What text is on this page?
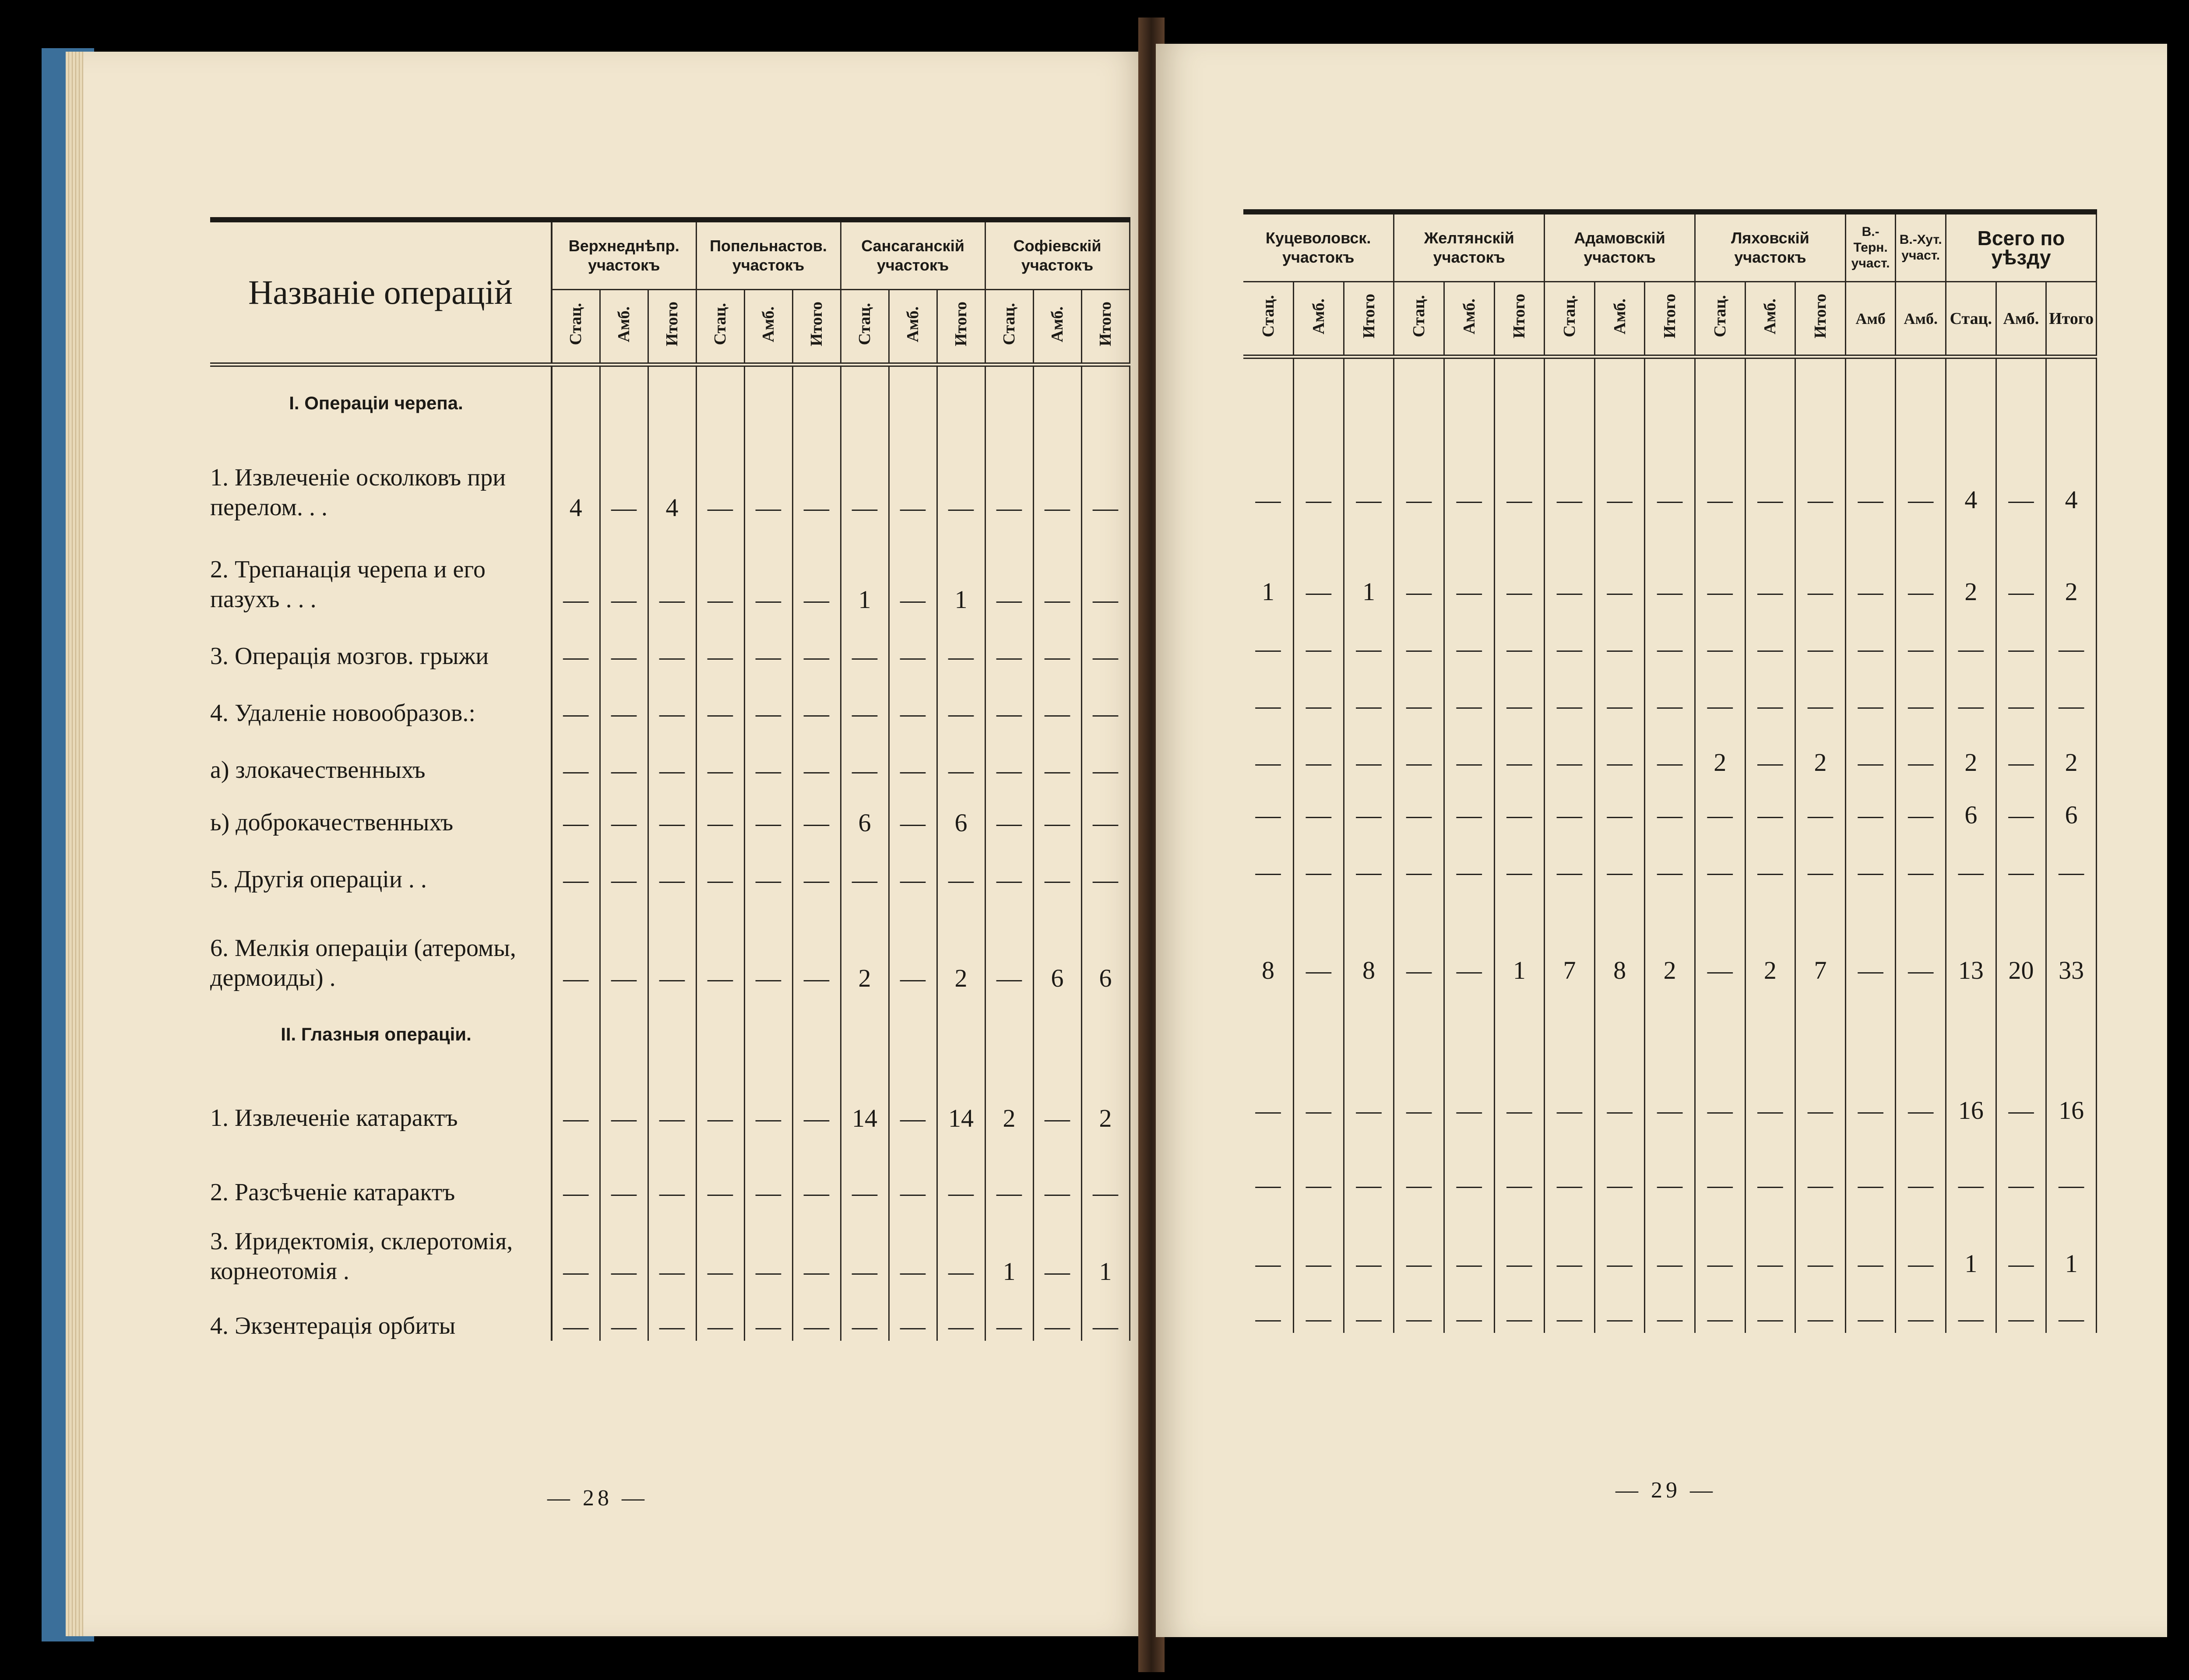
Названіе операцій	Верхнеднѣпр. участокъ			Попельнастов. участокъ			Сансаганскій участокъ			Софіевскій участокъ		
	Стац.	Амб.	Итого	Стац.	Амб.	Итого	Стац.	Амб.	Итого	Стац.	Амб.	Итого
I. Операціи черепа.												
1. Извлеченіе осколковъ при перелом. . .	4	—	4	—	—	—	—	—	—	—	—	—
2. Трепанація черепа и его пазухъ . . .	—	—	—	—	—	—	1	—	1	—	—	—
3. Операція мозгов. грыжи	—	—	—	—	—	—	—	—	—	—	—	—
4. Удаленіе новообразов.:	—	—	—	—	—	—	—	—	—	—	—	—
а) злокачественныхъ	—	—	—	—	—	—	—	—	—	—	—	—
ь) доброкачественныхъ	—	—	—	—	—	—	6	—	6	—	—	—
5. Другія операціи . .	—	—	—	—	—	—	—	—	—	—	—	—
6. Мелкія операціи (атеромы, дермоиды) .	—	—	—	—	—	—	2	—	2	—	6	6
II. Глазныя операціи.												
1. Извлеченіе катарактъ	—	—	—	—	—	—	14	—	14	2	—	2
2. Разсѣченіе катарактъ	—	—	—	—	—	—	—	—	—	—	—	—
3. Иридектомія, склеротомія, корнеотомія .	—	—	—	—	—	—	—	—	—	1	—	1
4. Экзентерація орбиты	—	—	—	—	—	—	—	—	—	—	—	—
— 28 —
Куцеволовск. участокъ			Желтянскій участокъ			Адамовскій участокъ			Ляховскій участокъ			В.-Терн. участ.	В.-Хут. участ.	Всего по уѣзду		
Стац.	Амб.	Итого	Стац.	Амб.	Итого	Стац.	Амб.	Итого	Стац.	Амб.	Итого	Амб	Амб.	Стац.	Амб.	Итого

—	—	—	—	—	—	—	—	—	—	—	—	—	—	4	—	4
1	—	1	—	—	—	—	—	—	—	—	—	—	—	2	—	2
—	—	—	—	—	—	—	—	—	—	—	—	—	—	—	—	—
—	—	—	—	—	—	—	—	—	—	—	—	—	—	—	—	—
—	—	—	—	—	—	—	—	—	2	—	2	—	—	2	—	2
—	—	—	—	—	—	—	—	—	—	—	—	—	—	6	—	6
—	—	—	—	—	—	—	—	—	—	—	—	—	—	—	—	—
8	—	8	—	—	1	7	8	2	—	2	7	—	—	13	20	33

—	—	—	—	—	—	—	—	—	—	—	—	—	—	16	—	16
—	—	—	—	—	—	—	—	—	—	—	—	—	—	—	—	—
—	—	—	—	—	—	—	—	—	—	—	—	—	—	1	—	1
—	—	—	—	—	—	—	—	—	—	—	—	—	—	—	—	—
— 29 —
